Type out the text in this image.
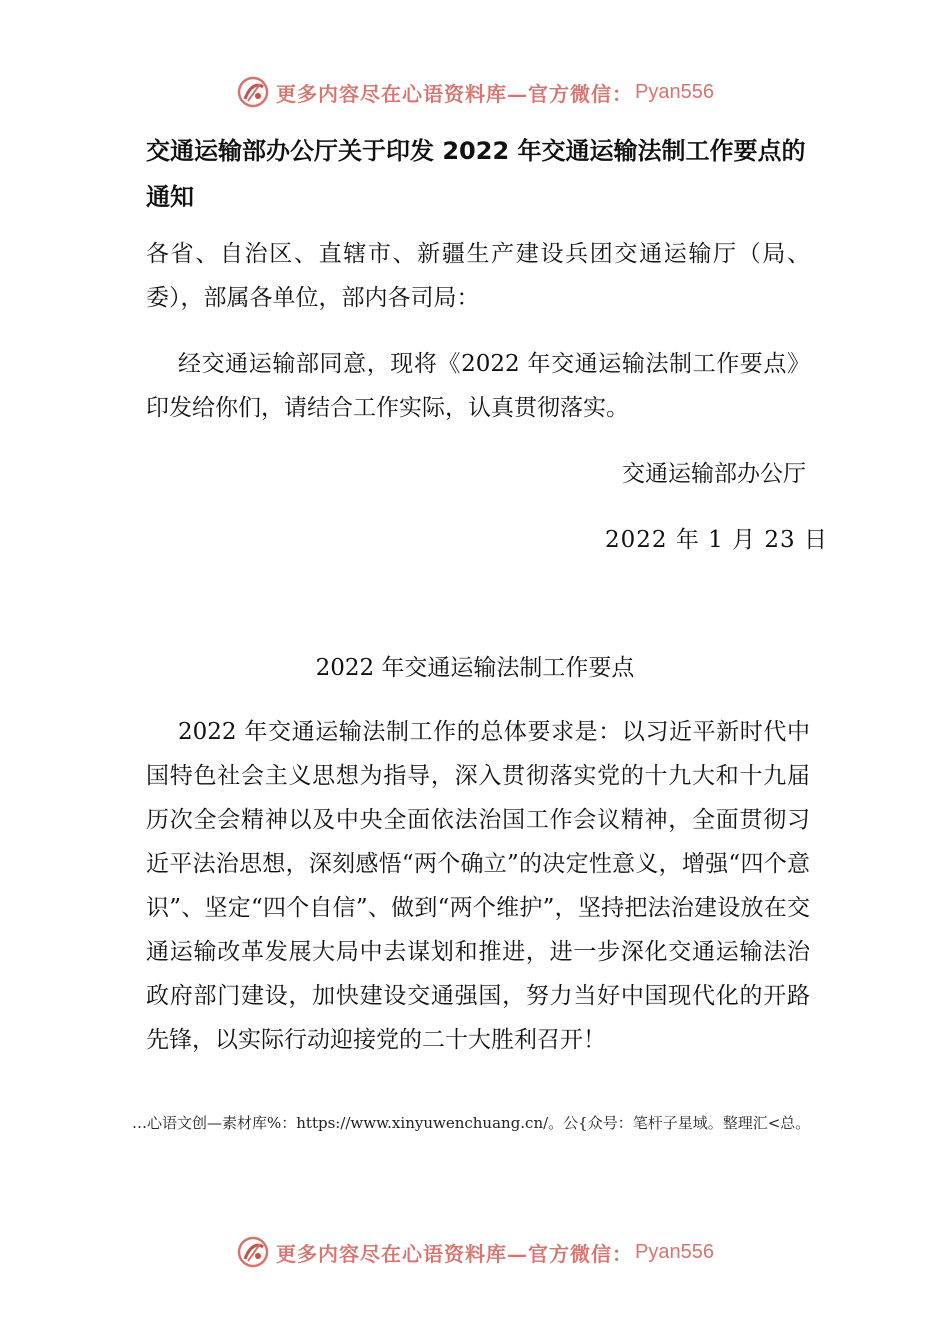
更多内容尽在心语资料库—官方微信： Pyan556
交通运输部办公厅关于印发 2022 年交通运输法制工作要点的通知
各省、自治区、直辖市、新疆生产建设兵团交通运输厅（局、委），部属各单位，部内各司局：
经交通运输部同意，现将《2022 年交通运输法制工作要点》印发给你们，请结合工作实际，认真贯彻落实。
交通运输部办公厅
2022 年 1 月 23 日
2022 年交通运输法制工作要点
2022 年交通运输法制工作的总体要求是：以习近平新时代中国特色社会主义思想为指导，深入贯彻落实党的十九大和十九届历次全会精神以及中央全面依法治国工作会议精神，全面贯彻习近平法治思想，深刻感悟“两个确立”的决定性意义，增强“四个意识”、坚定“四个自信”、做到“两个维护”，坚持把法治建设放在交通运输改革发展大局中去谋划和推进，进一步深化交通运输法治政府部门建设，加快建设交通强国，努力当好中国现代化的开路先锋，以实际行动迎接党的二十大胜利召开！
…心语文创—素材库%：https://www.xinyuwenchuang.cn/。公{众号：笔杆子星域。整理汇<总。
更多内容尽在心语资料库—官方微信： Pyan556
